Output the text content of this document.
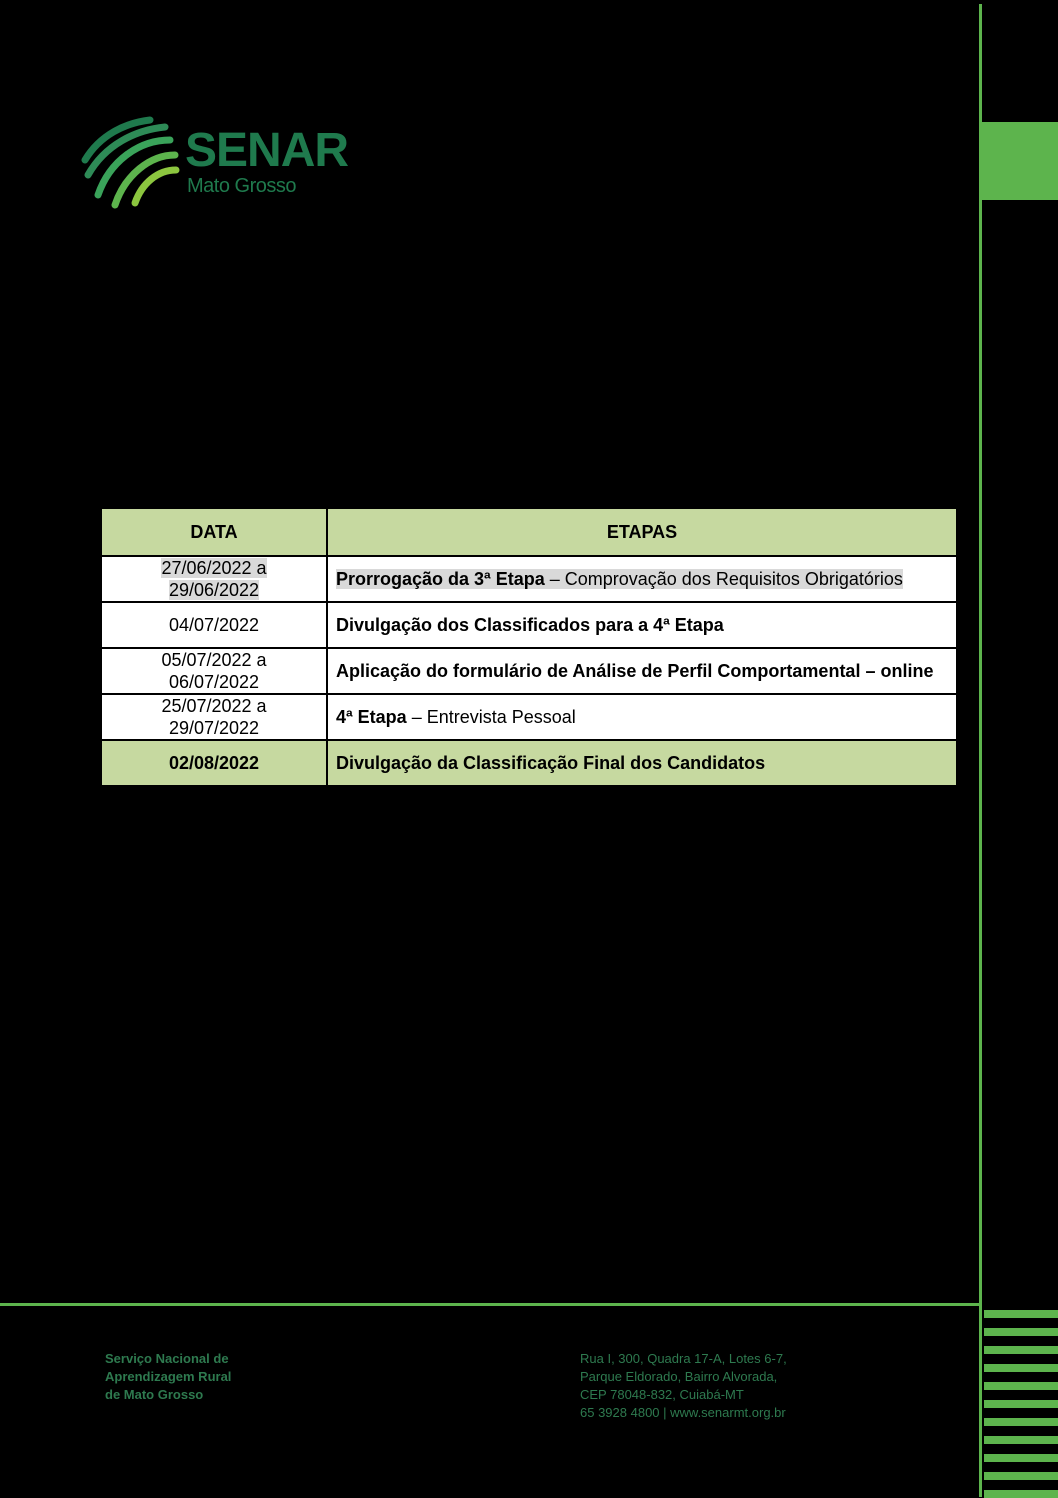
SENAR
Mato Grosso
DATA	ETAPAS
27/06/2022 a
29/06/2022	Prorrogação da 3ª Etapa – Comprovação dos Requisitos Obrigatórios
04/07/2022	Divulgação dos Classificados para a 4ª Etapa
05/07/2022 a
06/07/2022	Aplicação do formulário de Análise de Perfil Comportamental – online
25/07/2022 a
29/07/2022	4ª Etapa – Entrevista Pessoal
02/08/2022	Divulgação da Classificação Final dos Candidatos
Serviço Nacional de
Aprendizagem Rural
de Mato Grosso
Rua I, 300, Quadra 17-A, Lotes 6-7,
Parque Eldorado, Bairro Alvorada,
CEP 78048-832, Cuiabá-MT
65 3928 4800 | www.senarmt.org.br
